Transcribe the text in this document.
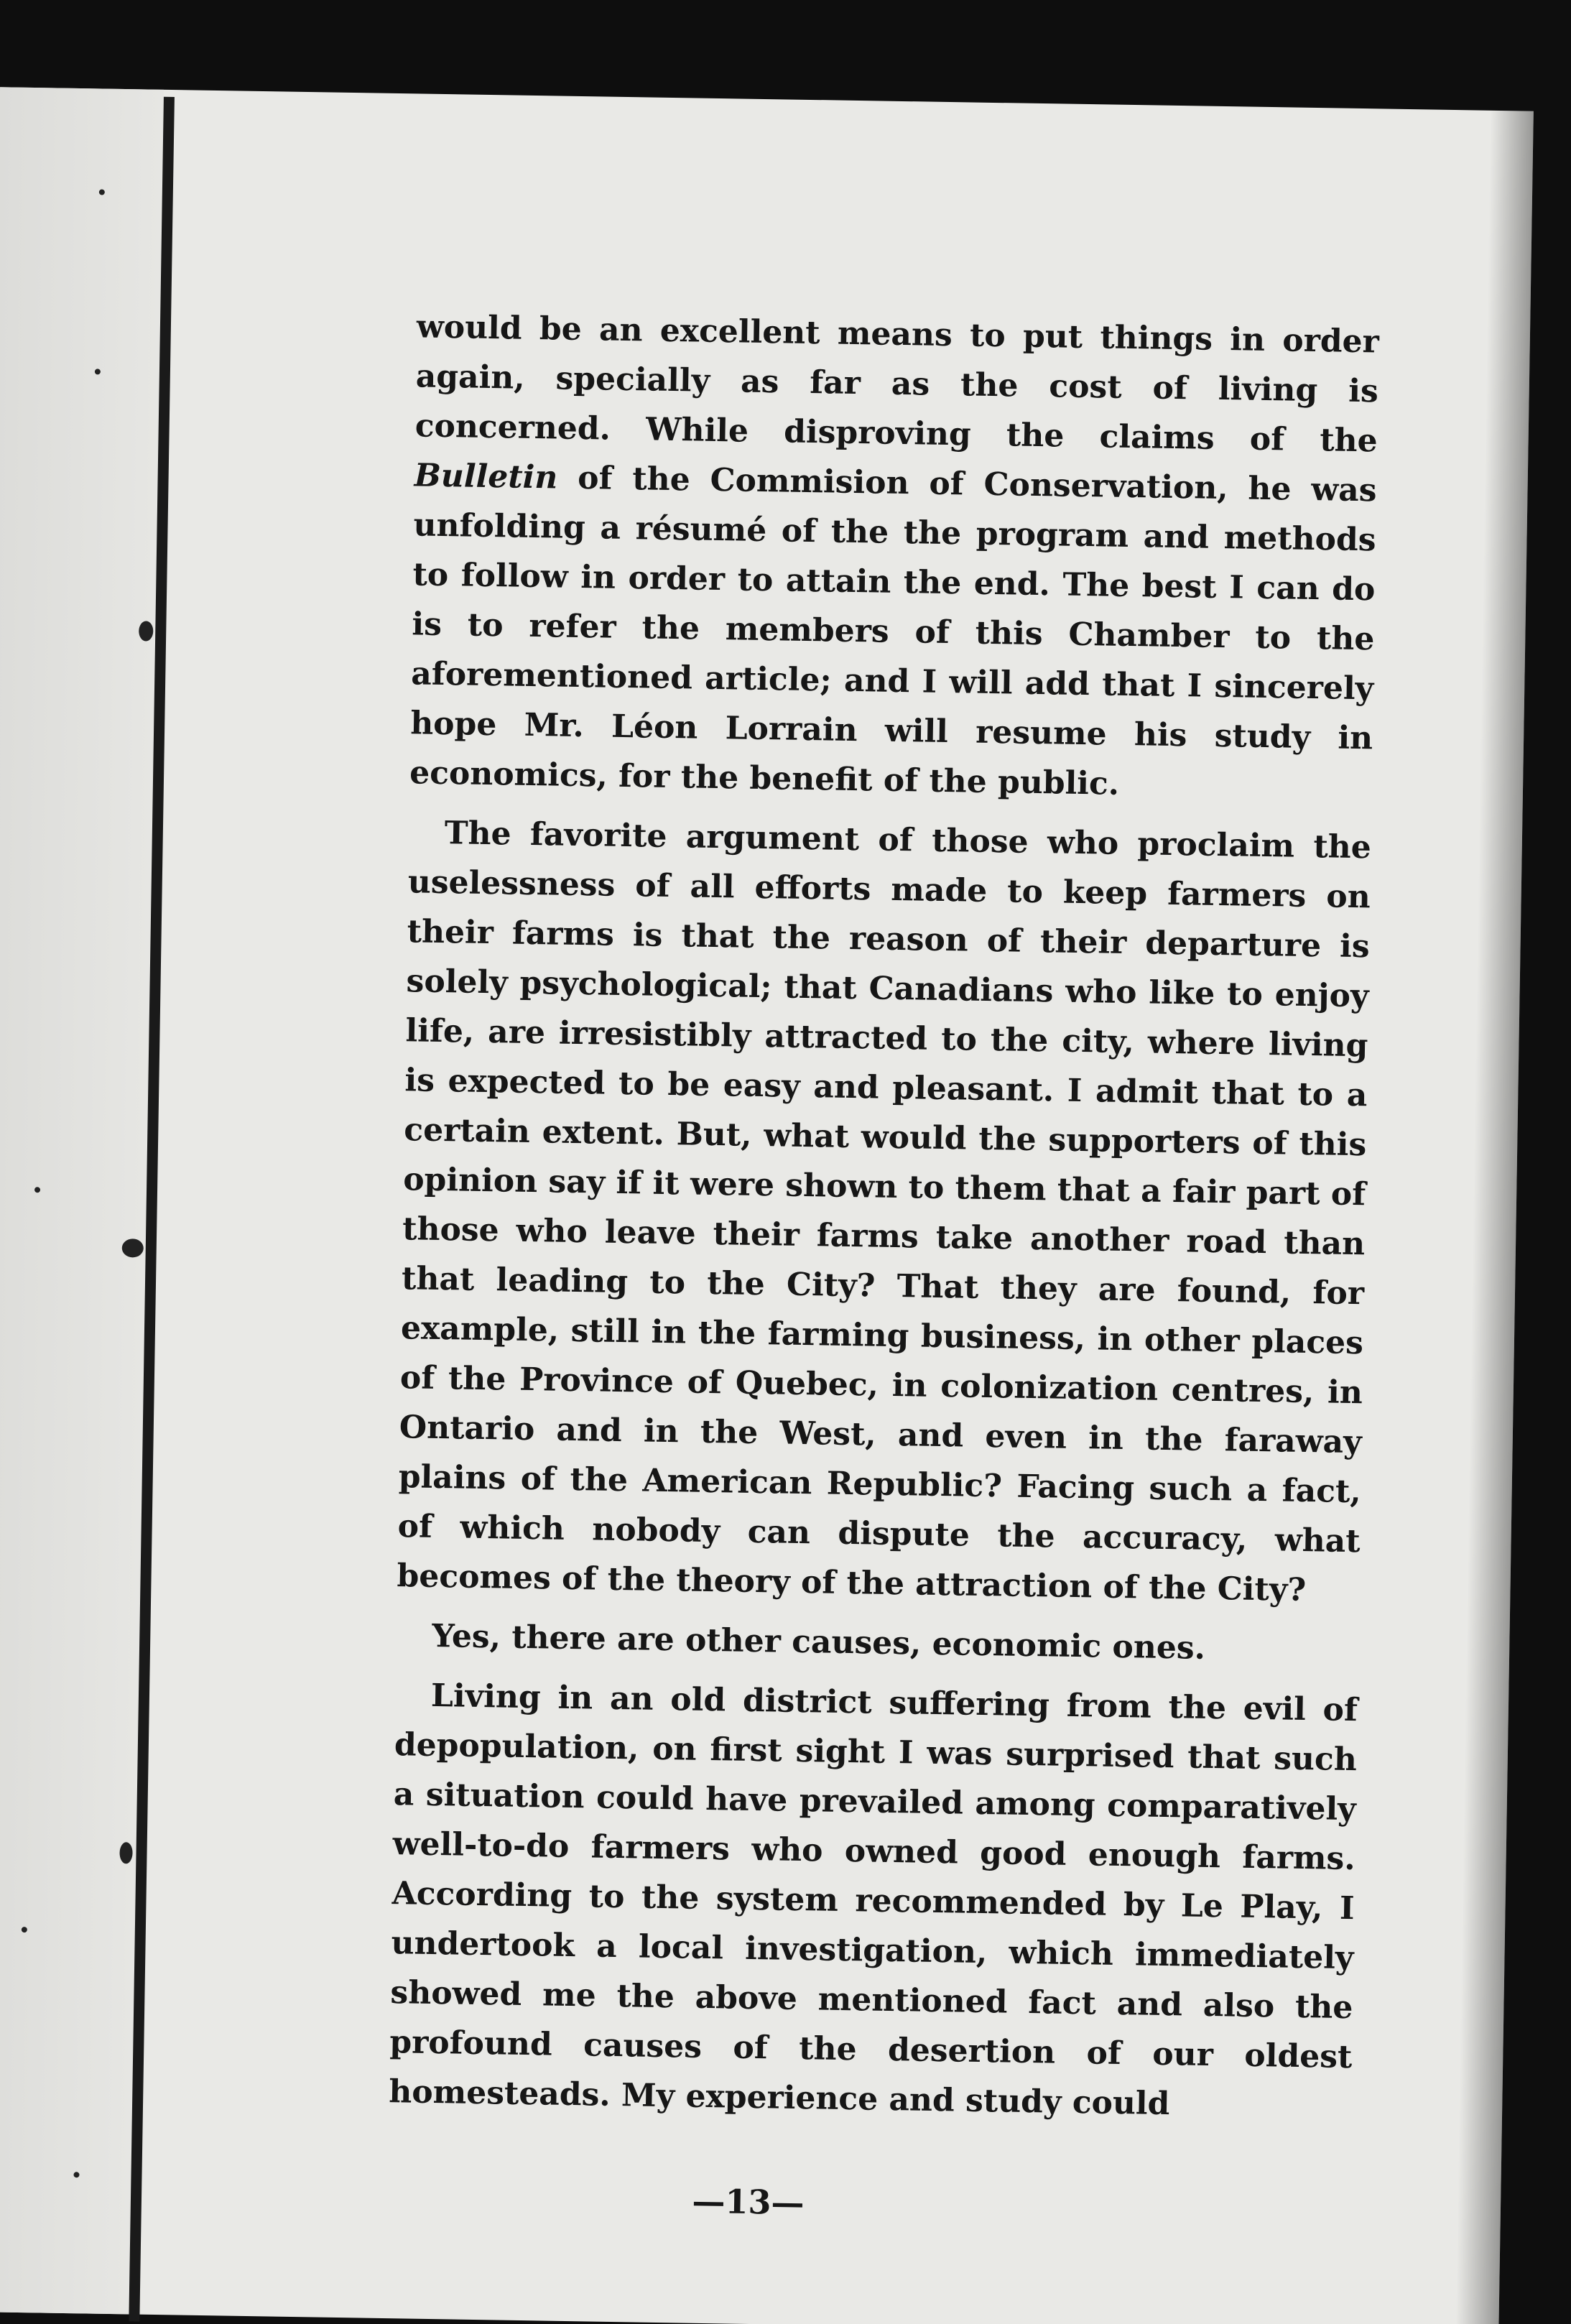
would be an excellent means to put things in order again, specially as far as the cost of living is concerned. While disproving the claims of the Bulletin of the Commision of Conservation, he was unfolding a résumé of the the program and methods to follow in order to attain the end. The best I can do is to refer the members of this Chamber to the aforementioned article; and I will add that I sincerely hope Mr. Léon Lorrain will resume his study in economics, for the benefit of the public.

The favorite argument of those who proclaim the uselessness of all efforts made to keep farmers on their farms is that the reason of their departure is solely psychological; that Canadians who like to enjoy life, are irresistibly attracted to the city, where living is expected to be easy and pleasant. I admit that to a certain extent. But, what would the supporters of this opinion say if it were shown to them that a fair part of those who leave their farms take another road than that leading to the City? That they are found, for example, still in the farming business, in other places of the Province of Quebec, in colonization centres, in Ontario and in the West, and even in the faraway plains of the American Republic? Facing such a fact, of which nobody can dispute the accuracy, what becomes of the theory of the attraction of the City?

Yes, there are other causes, economic ones.

Living in an old district suffering from the evil of depopulation, on first sight I was surprised that such a situation could have prevailed among comparatively well-to-do farmers who owned good enough farms. According to the system recommended by Le Play, I undertook a local investigation, which immediately showed me the above mentioned fact and also the profound causes of the desertion of our oldest homesteads. My experience and study could

—13—
